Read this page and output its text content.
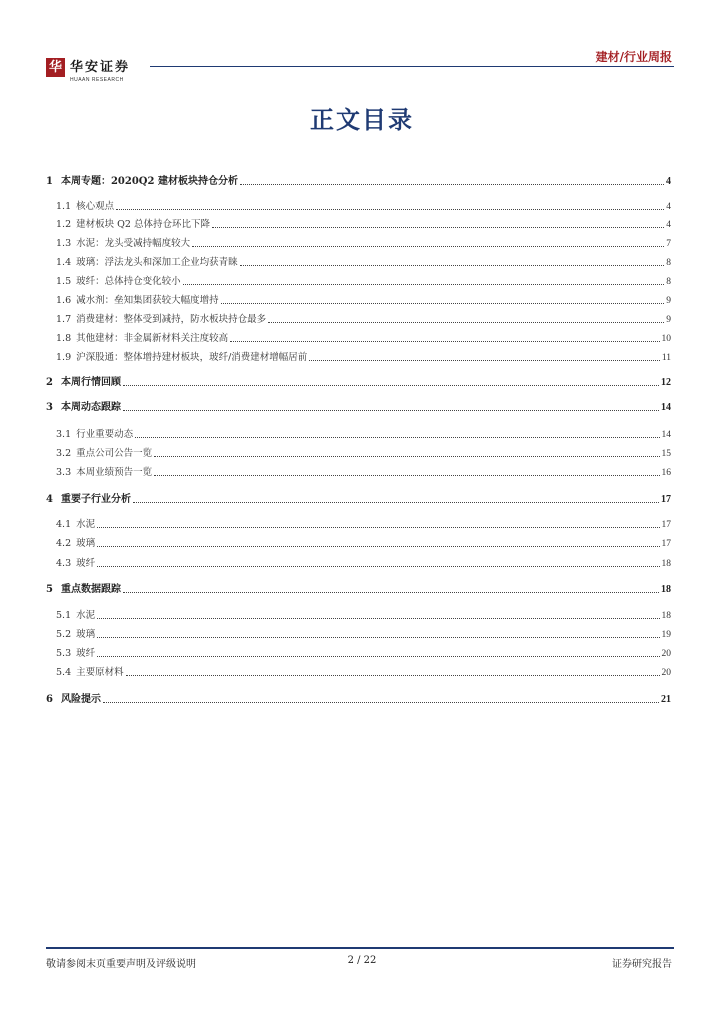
华 华安证券
HUAAN RESEARCH
建材/行业周报
正文目录
1 本周专题：2020Q2 建材板块持仓分析	4
1.1 核心观点	4
1.2 建材板块 Q2 总体持仓环比下降	4
1.3 水泥：龙头受减持幅度较大	7
1.4 玻璃：浮法龙头和深加工企业均获青睐	8
1.5 玻纤：总体持仓变化较小	8
1.6 减水剂：垒知集团获较大幅度增持	9
1.7 消费建材：整体受到减持，防水板块持仓最多	9
1.8 其他建材：非金属新材料关注度较高	10
1.9 沪深股通：整体增持建材板块，玻纤/消费建材增幅居前	11
2 本周行情回顾	12
3 本周动态跟踪	14
3.1 行业重要动态	14
3.2 重点公司公告一览	15
3.3 本周业绩预告一览	16
4 重要子行业分析	17
4.1 水泥	17
4.2 玻璃	17
4.3 玻纤	18
5 重点数据跟踪	18
5.1 水泥	18
5.2 玻璃	19
5.3 玻纤	20
5.4 主要原材料	20
6 风险提示	21
敬请参阅末页重要声明及评级说明	2 / 22	证券研究报告
